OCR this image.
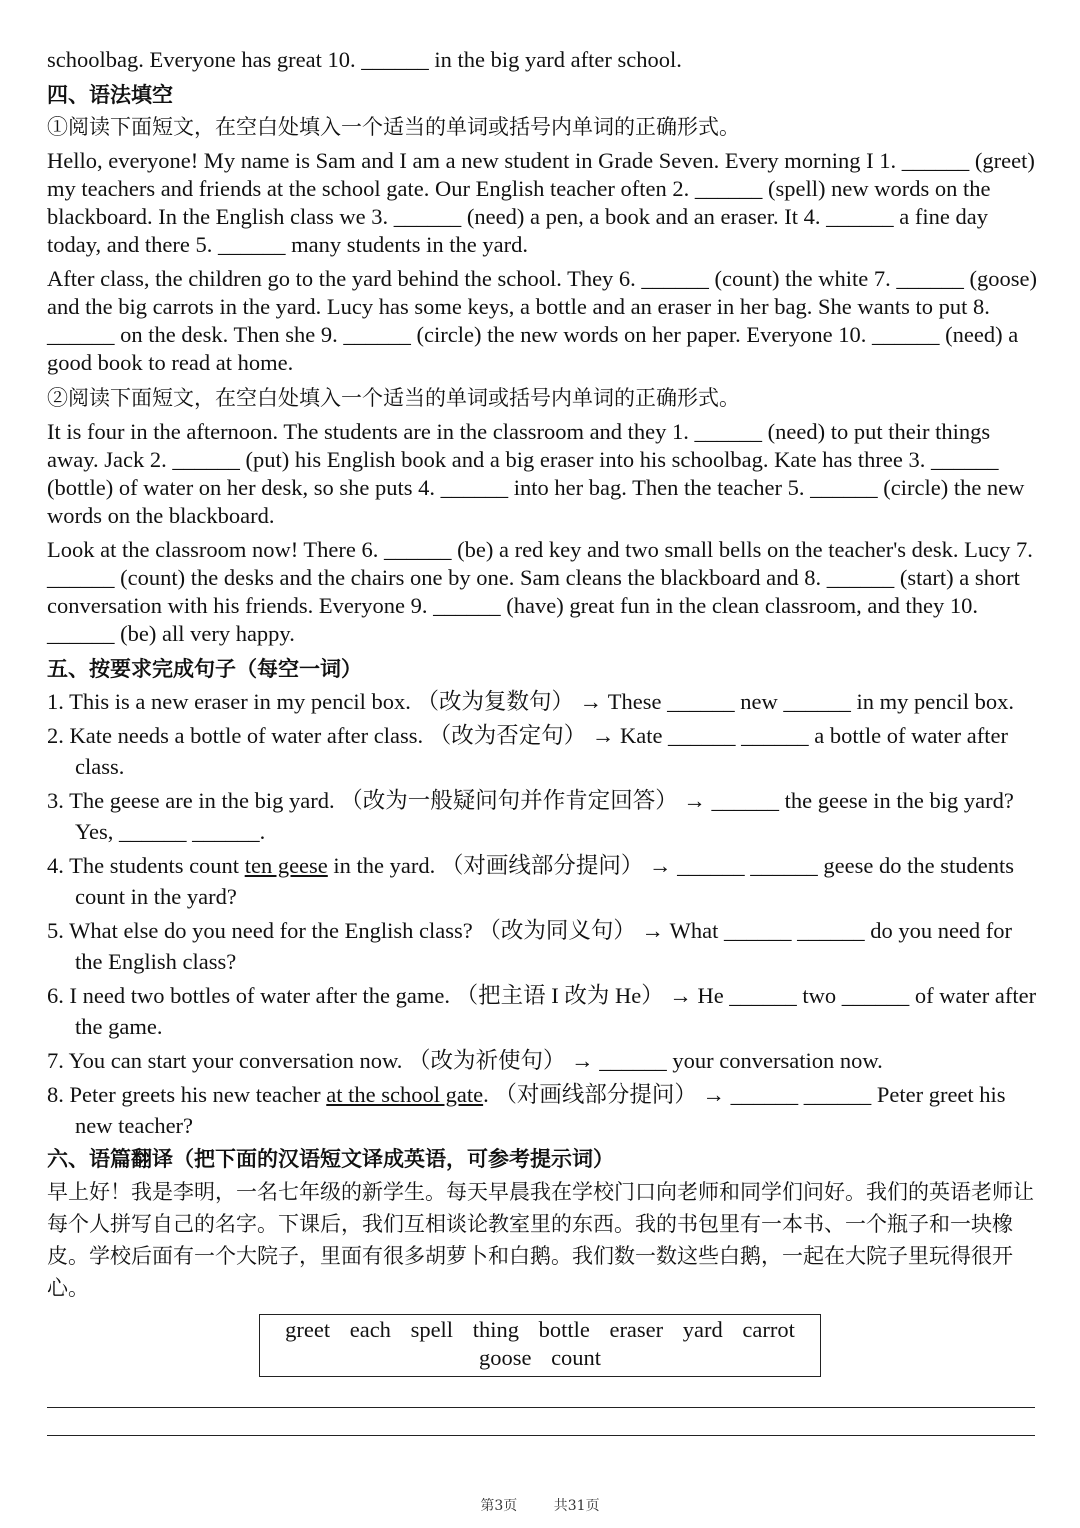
schoolbag. Everyone has great 10. ______ in the big yard after school.

四、语法填空

①阅读下面短文，在空白处填入一个适当的单词或括号内单词的正确形式。

Hello, everyone! My name is Sam and I am a new student in Grade Seven. Every morning I 1. ______ (greet) my teachers and friends at the school gate. Our English teacher often 2. ______ (spell) new words on the blackboard. In the English class we 3. ______ (need) a pen, a book and an eraser. It 4. ______ a fine day today, and there 5. ______ many students in the yard.

After class, the children go to the yard behind the school. They 6. ______ (count) the white 7. ______ (goose) and the big carrots in the yard. Lucy has some keys, a bottle and an eraser in her bag. She wants to put 8. ______ on the desk. Then she 9. ______ (circle) the new words on her paper. Everyone 10. ______ (need) a good book to read at home.

②阅读下面短文，在空白处填入一个适当的单词或括号内单词的正确形式。

It is four in the afternoon. The students are in the classroom and they 1. ______ (need) to put their things away. Jack 2. ______ (put) his English book and a big eraser into his schoolbag. Kate has three 3. ______ (bottle) of water on her desk, so she puts 4. ______ into her bag. Then the teacher 5. ______ (circle) the new words on the blackboard.

Look at the classroom now! There 6. ______ (be) a red key and two small bells on the teacher's desk. Lucy 7. ______ (count) the desks and the chairs one by one. Sam cleans the blackboard and 8. ______ (start) a short conversation with his friends. Everyone 9. ______ (have) great fun in the clean classroom, and they 10. ______ (be) all very happy.

五、按要求完成句子（每空一词）

1. This is a new eraser in my pencil box. （改为复数句） → These ______ new ______ in my pencil box.

2. Kate needs a bottle of water after class. （改为否定句） → Kate ______ ______ a bottle of water after class.

3. The geese are in the big yard. （改为一般疑问句并作肯定回答） → ______ the geese in the big yard? Yes, ______ ______.

4. The students count ten geese in the yard. （对画线部分提问） → ______ ______ geese do the students count in the yard?

5. What else do you need for the English class? （改为同义句） → What ______ ______ do you need for the English class?

6. I need two bottles of water after the game. （把主语 I 改为 He） → He ______ two ______ of water after the game.

7. You can start your conversation now. （改为祈使句） → ______ your conversation now.

8. Peter greets his new teacher at the school gate. （对画线部分提问） → ______ ______ Peter greet his new teacher?

六、语篇翻译（把下面的汉语短文译成英语，可参考提示词）

早上好！我是李明，一名七年级的新学生。每天早晨我在学校门口向老师和同学们问好。我们的英语老师让每个人拼写自己的名字。下课后，我们互相谈论教室里的东西。我的书包里有一本书、一个瓶子和一块橡皮。学校后面有一个大院子，里面有很多胡萝卜和白鹅。我们数一数这些白鹅，一起在大院子里玩得很开心。

greet each spell thing bottle eraser yard carrot
goose count
第3页	共31页
